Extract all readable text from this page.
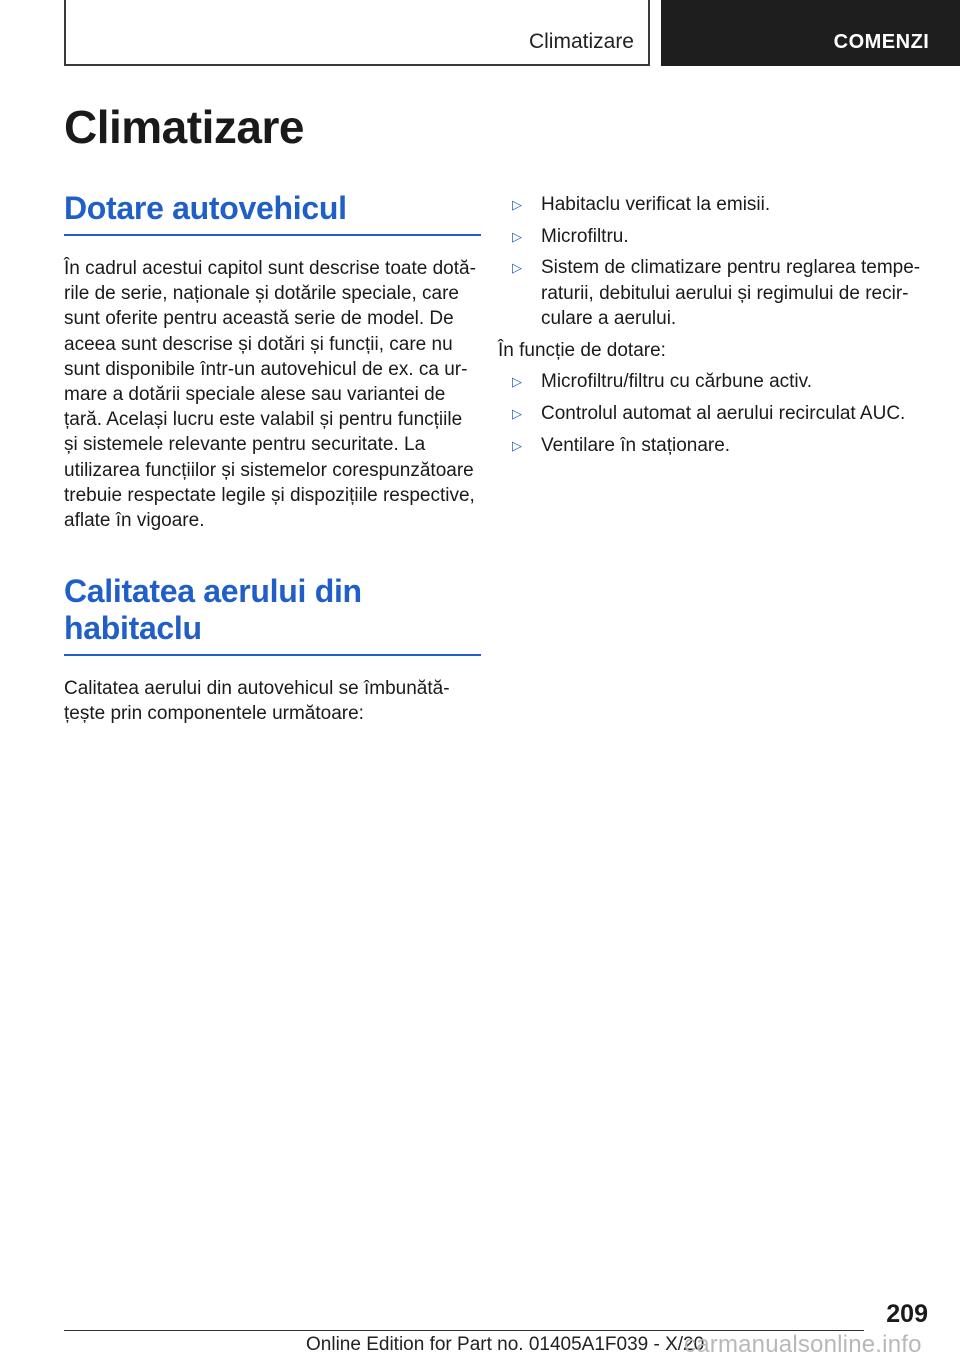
Climatizare	COMENZI
Climatizare
Dotare autovehicul

În cadrul acestui capitol sunt descrise toate dotările de serie, naționale și dotările speciale, care sunt oferite pentru această serie de model. De aceea sunt descrise și dotări și funcții, care nu sunt disponibile într-un autovehicul de ex. ca urmare a dotării speciale alese sau variantei de țară. Același lucru este valabil și pentru funcțiile și sistemele relevante pentru securitate. La utilizarea funcțiilor și sistemelor corespunzătoare trebuie respectate legile și dispozițiile respective, aflate în vigoare.

Calitatea aerului din
habitaclu

Calitatea aerului din autovehicul se îmbunătățește prin componentele următoare:

▷ Habitaclu verificat la emisii.
▷ Microfiltru.
▷ Sistem de climatizare pentru reglarea temperaturii, debitului aerului și regimului de recirculare a aerului.

În funcție de dotare:

▷ Microfiltru/filtru cu cărbune activ.
▷ Controlul automat al aerului recirculat AUC.
▷ Ventilare în staționare.
209
Online Edition for Part no. 01405A1F039 - X/20
carmanualsonline.info
